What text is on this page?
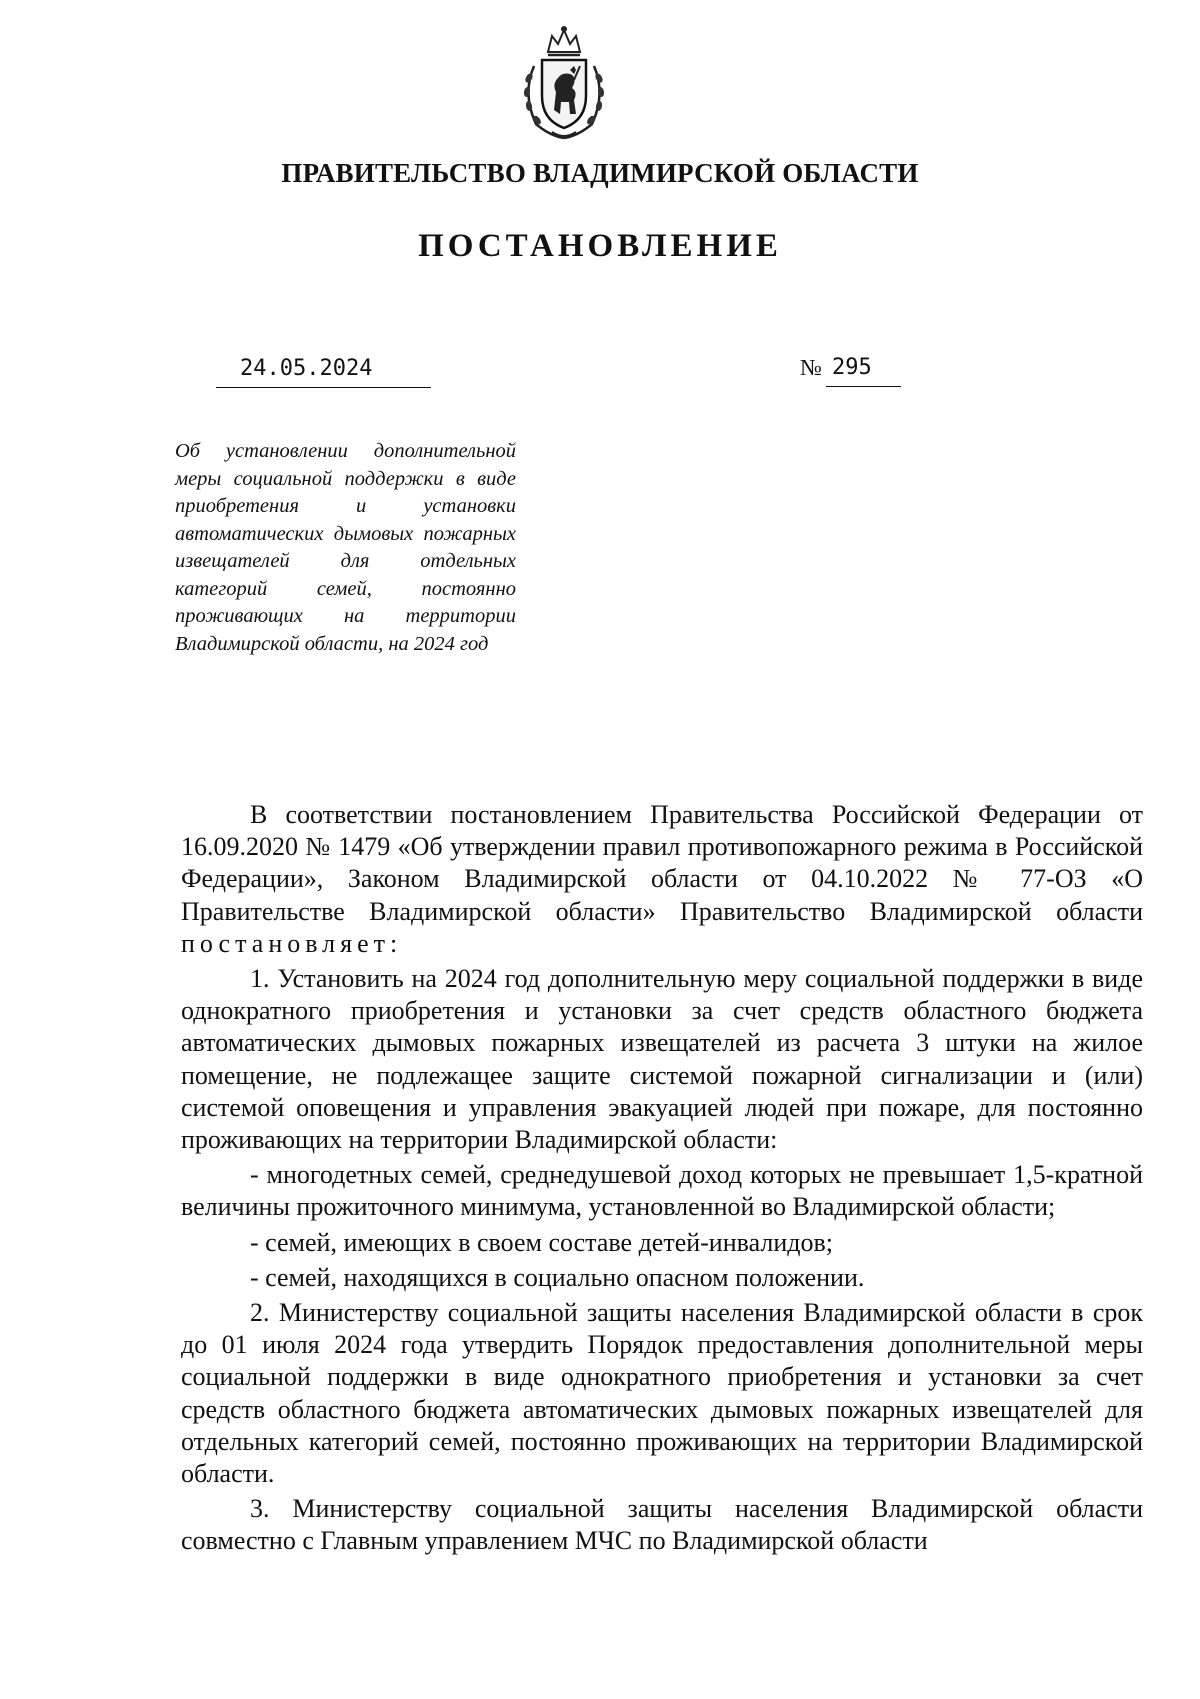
ПРАВИТЕЛЬСТВО ВЛАДИМИРСКОЙ ОБЛАСТИ
ПОСТАНОВЛЕНИЕ
24.05.2024	№ 295
Об установлении дополнительной меры социальной поддержки в виде приобретения и установки автоматических дымовых пожарных извещателей для отдельных категорий семей, постоянно проживающих на территории Владимирской области, на 2024 год

В соответствии постановлением Правительства Российской Федерации от 16.09.2020 № 1479 «Об утверждении правил противопожарного режима в Российской Федерации», Законом Владимирской области от 04.10.2022 № 77-ОЗ «О Правительстве Владимирской области» Правительство Владимирской области постановляет:

1. Установить на 2024 год дополнительную меру социальной поддержки в виде однократного приобретения и установки за счет средств областного бюджета автоматических дымовых пожарных извещателей из расчета 3 штуки на жилое помещение, не подлежащее защите системой пожарной сигнализации и (или) системой оповещения и управления эвакуацией людей при пожаре, для постоянно проживающих на территории Владимирской области:

- многодетных семей, среднедушевой доход которых не превышает 1,5-кратной величины прожиточного минимума, установленной во Владимирской области;

- семей, имеющих в своем составе детей-инвалидов;

- семей, находящихся в социально опасном положении.

2. Министерству социальной защиты населения Владимирской области в срок до 01 июля 2024 года утвердить Порядок предоставления дополнительной меры социальной поддержки в виде однократного приобретения и установки за счет средств областного бюджета автоматических дымовых пожарных извещателей для отдельных категорий семей, постоянно проживающих на территории Владимирской области.

3. Министерству социальной защиты населения Владимирской области совместно с Главным управлением МЧС по Владимирской области
